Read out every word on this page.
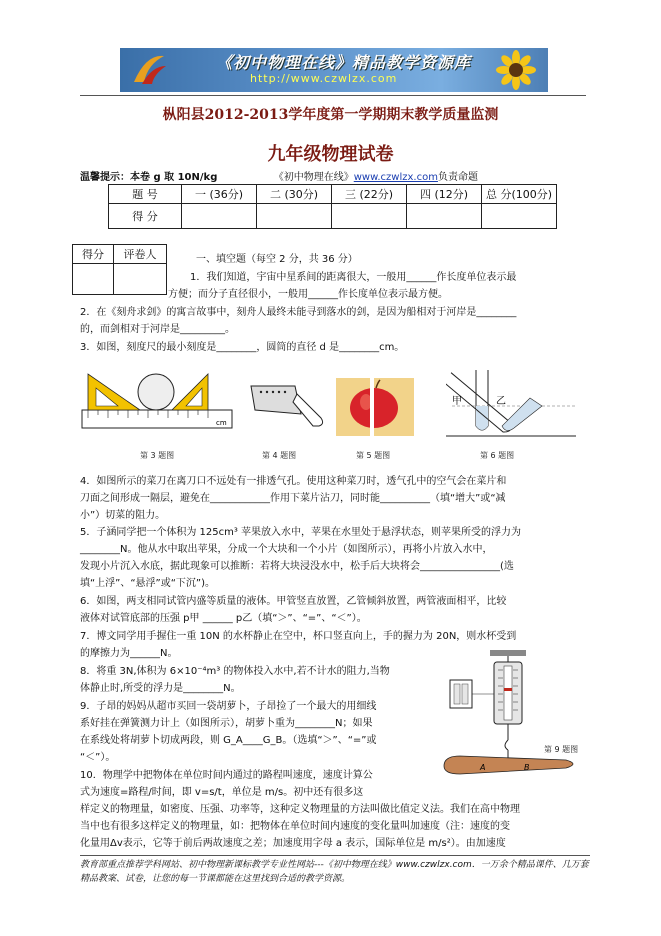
《初中物理在线》精品教学资源库
http://www.czwlzx.com
枞阳县2012-2013学年度第一学期期末教学质量监测
九年级物理试卷
温馨提示：本卷 g 取 10N/kg	《初中物理在线》www.czwlzx.com负责命题
题 号	一 (36分)	二 (30分)	三 (22分)	四 (12分)	总 分(100分)
得 分					
得分	评卷人
		一、填空题（每空 2 分，共 36 分）
1．我们知道，宇宙中星系间的距离很大，一般用______作长度单位表示最
方便；而分子直径很小，一般用______作长度单位表示最方便。
2．在《刻舟求剑》的寓言故事中，刻舟人最终未能寻到落水的剑，是因为船相对于河岸是________
的，而剑相对于河岸是_________。
3．如图，刻度尺的最小刻度是________，圆筒的直径 d 是________cm。
cm
第 3 题图	第 4 题图	第 5 题图
甲	乙
第 6 题图
4．如图所示的菜刀在离刀口不远处有一排透气孔。使用这种菜刀时，透气孔中的空气会在菜片和
刀面之间形成一隔层，避免在____________作用下菜片沾刀，同时能__________（填“增大”或“减
小”）切菜的阻力。
5．子涵同学把一个体积为 125cm³ 苹果放入水中，苹果在水里处于悬浮状态，则苹果所受的浮力为
________N。他从水中取出苹果，分成一个大块和一个小片（如图所示），再将小片放入水中，
发现小片沉入水底，据此现象可以推断：若将大块浸没水中，松手后大块将会________________(选
填“上浮”、“悬浮”或“下沉”)。
6．如图，两支相同试管内盛等质量的液体。甲管竖直放置，乙管倾斜放置，两管液面相平，比较
液体对试管底部的压强 p甲 ______ p乙（填“＞”、“=”、“＜”）。
7．博文同学用手握住一重 10N 的水杯静止在空中，杯口竖直向上，手的握力为 20N，则水杯受到
的摩擦力为______N。
8．将重 3N,体积为 6×10⁻⁴m³ 的物体投入水中,若不计水的阻力,当物
体静止时,所受的浮力是________N。
9．子昂的妈妈从超市买回一袋胡萝卜，子昂捡了一个最大的用细线
系好挂在弹簧测力计上（如图所示），胡萝卜重为________N；如果
在系线处将胡萝卜切成两段，则 G_A____G_B。（选填“＞”、“=”或
“＜”）。
10．物理学中把物体在单位时间内通过的路程叫速度，速度计算公
式为速度=路程/时间，即 v=s/t，单位是 m/s。初中还有很多这
样定义的物理量，如密度、压强、功率等，这种定义物理量的方法叫做比值定义法。我们在高中物理
当中也有很多这样定义的物理量，如：把物体在单位时间内速度的变化量叫加速度（注：速度的变
化量用Δv表示，它等于前后两故速度之差；加速度用字母 a 表示，国际单位是 m/s²）。由加速度
A	B
第 9 题图
教育部重点推荐学科网站、初中物理新课标教学专业性网站---《初中物理在线》www.czwlzx.com．一万余个精品课件、几万套精品教案、试卷，让您的每一节课都能在这里找到合适的教学资源。
